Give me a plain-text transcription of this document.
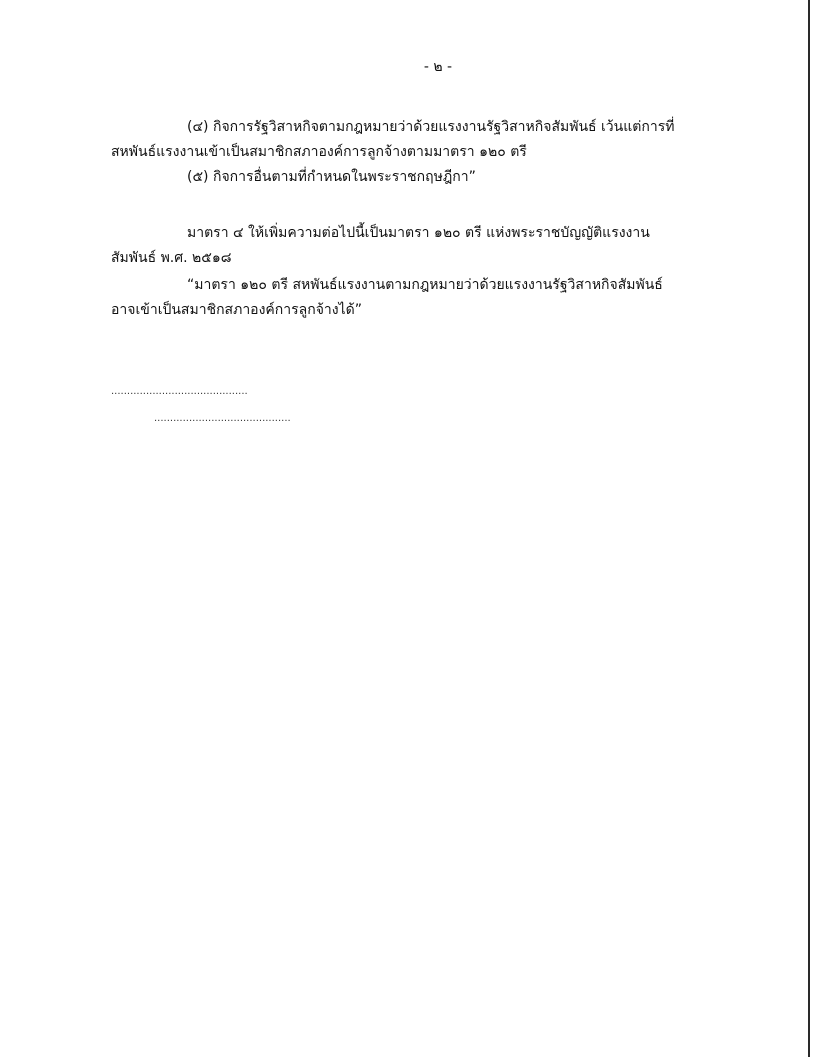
- ๒ -
(๔) กิจการรัฐวิสาหกิจตามกฎหมายว่าด้วยแรงงานรัฐวิสาหกิจสัมพันธ์ เว้นแต่การที่
สหพันธ์แรงงานเข้าเป็นสมาชิกสภาองค์การลูกจ้างตามมาตรา ๑๒๐ ตรี
(๕) กิจการอื่นตามที่กำหนดในพระราชกฤษฎีกา”
มาตรา ๔ ให้เพิ่มความต่อไปนี้เป็นมาตรา ๑๒๐ ตรี แห่งพระราชบัญญัติแรงงาน
สัมพันธ์ พ.ศ. ๒๕๑๘
“มาตรา ๑๒๐ ตรี สหพันธ์แรงงานตามกฎหมายว่าด้วยแรงงานรัฐวิสาหกิจสัมพันธ์
อาจเข้าเป็นสมาชิกสภาองค์การลูกจ้างได้”
...........................................
...........................................
